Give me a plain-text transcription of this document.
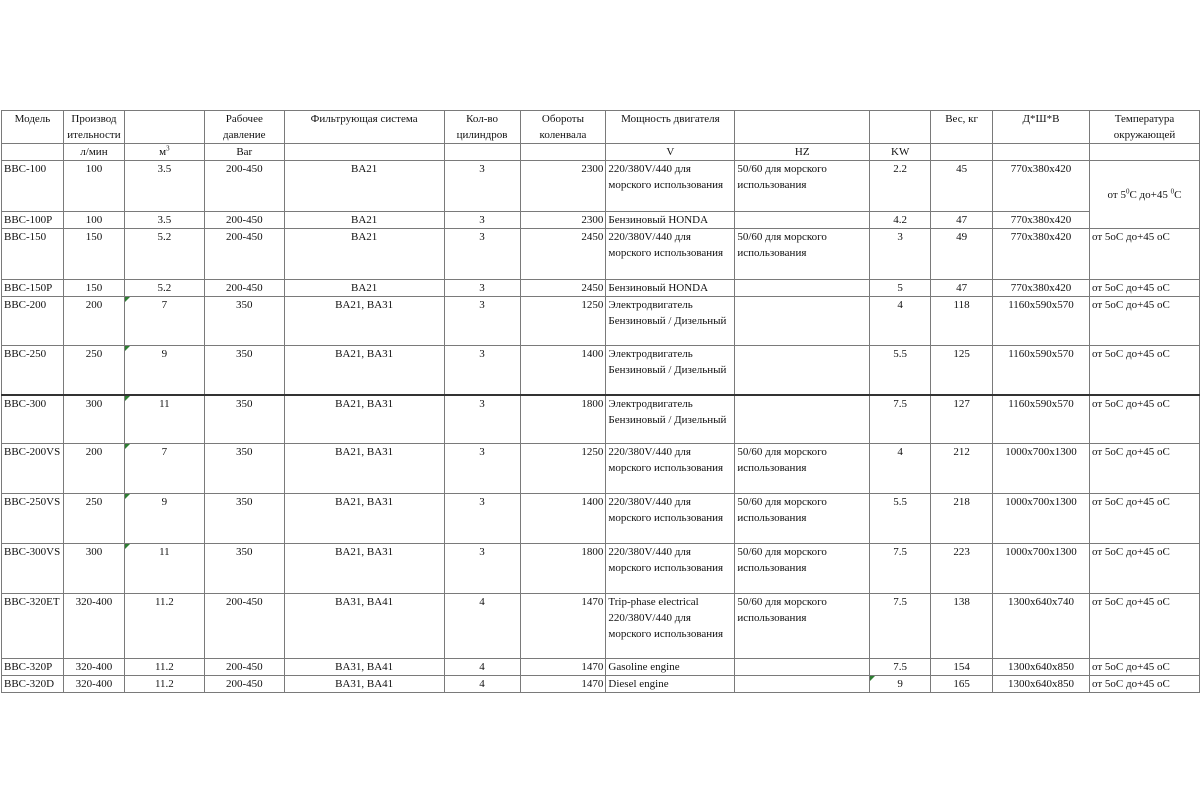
Модель	Производ ительности		Рабочее давление	Фильтрующая система	Кол-во цилиндров	Обороты коленвала	Мощность двигателя			Вес, кг	Д*Ш*В	Температура окружающей
	л/мин	$м^3$	Bar				V	HZ	KW			
BBC-100	100	3.5	200-450	BA21	3	2300	220/380V/440 для морского использования	50/60 для морского использования	2.2	45	770x380x420	от $5^0С$ до+45 $^0$С
BBC-100P	100	3.5	200-450	BA21	3	2300	Бензиновый HONDA		4.2	47	770x380x420	
BBC-150	150	5.2	200-450	BA21	3	2450	220/380V/440 для морского использования	50/60 для морского использования	3	49	770x380x420	от 5оС до+45 оС
BBC-150P	150	5.2	200-450	BA21	3	2450	Бензиновый HONDA		5	47	770x380x420	от 5оС до+45 оС
BBC-200	200	7	350	BA21, BA31	3	1250	Электродвигатель Бензиновый / Дизельный		4	118	1160x590x570	от 5оС до+45 оС
BBC-250	250	9	350	BA21, BA31	3	1400	Электродвигатель Бензиновый / Дизельный		5.5	125	1160x590x570	от 5оС до+45 оС
BBC-300	300	11	350	BA21, BA31	3	1800	Электродвигатель Бензиновый / Дизельный		7.5	127	1160x590x570	от 5оС до+45 оС
BBC-200VS	200	7	350	BA21, BA31	3	1250	220/380V/440 для морского использования	50/60 для морского использования	4	212	1000x700x1300	от 5оС до+45 оС
BBC-250VS	250	9	350	BA21, BA31	3	1400	220/380V/440 для морского использования	50/60 для морского использования	5.5	218	1000x700x1300	от 5оС до+45 оС
BBC-300VS	300	11	350	BA21, BA31	3	1800	220/380V/440 для морского использования	50/60 для морского использования	7.5	223	1000x700x1300	от 5оС до+45 оС
BBC-320ET	320-400	11.2	200-450	BA31, BA41	4	1470	Trip-phase electrical 220/380V/440 для морского использования	50/60 для морского использования	7.5	138	1300x640x740	от 5оС до+45 оС
BBC-320P	320-400	11.2	200-450	BA31, BA41	4	1470	Gasoline engine		7.5	154	1300x640x850	от 5оС до+45 оС
BBC-320D	320-400	11.2	200-450	BA31, BA41	4	1470	Diesel engine		9	165	1300x640x850	от 5оС до+45 оС
